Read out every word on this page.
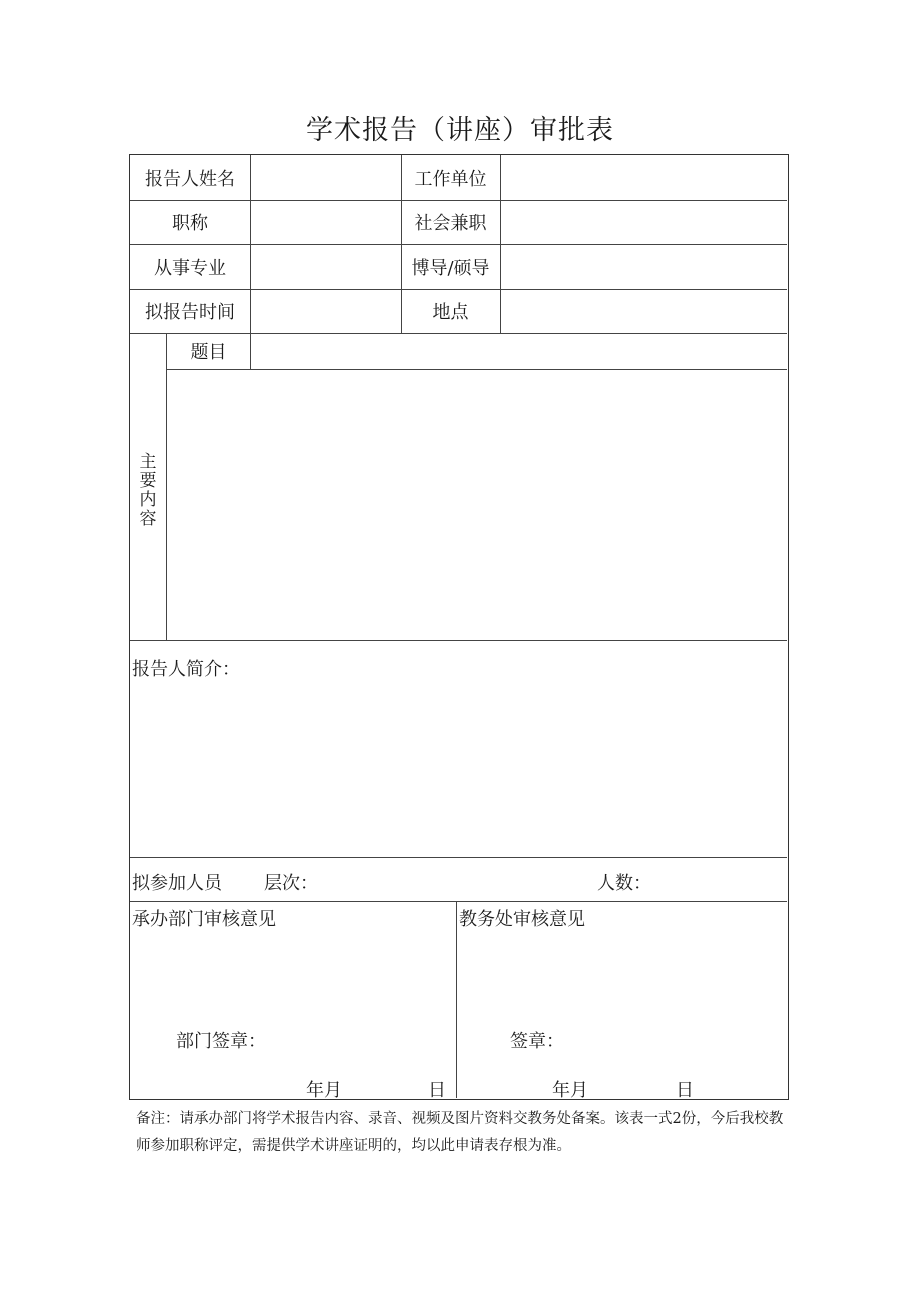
学术报告（讲座）审批表
报告人姓名	工作单位
职称	社会兼职
从事专业	博导/硕导
拟报告时间	地点
主要内容
题目
报告人简介：
拟参加人员 层次：	人数：
承办部门审核意见
部门签章：
年月	日
教务处审核意见
签章：
年月	日
备注：请承办部门将学术报告内容、录音、视频及图片资料交教务处备案。该表一式2份，今后我校教师参加职称评定，需提供学术讲座证明的，均以此申请表存根为准。
